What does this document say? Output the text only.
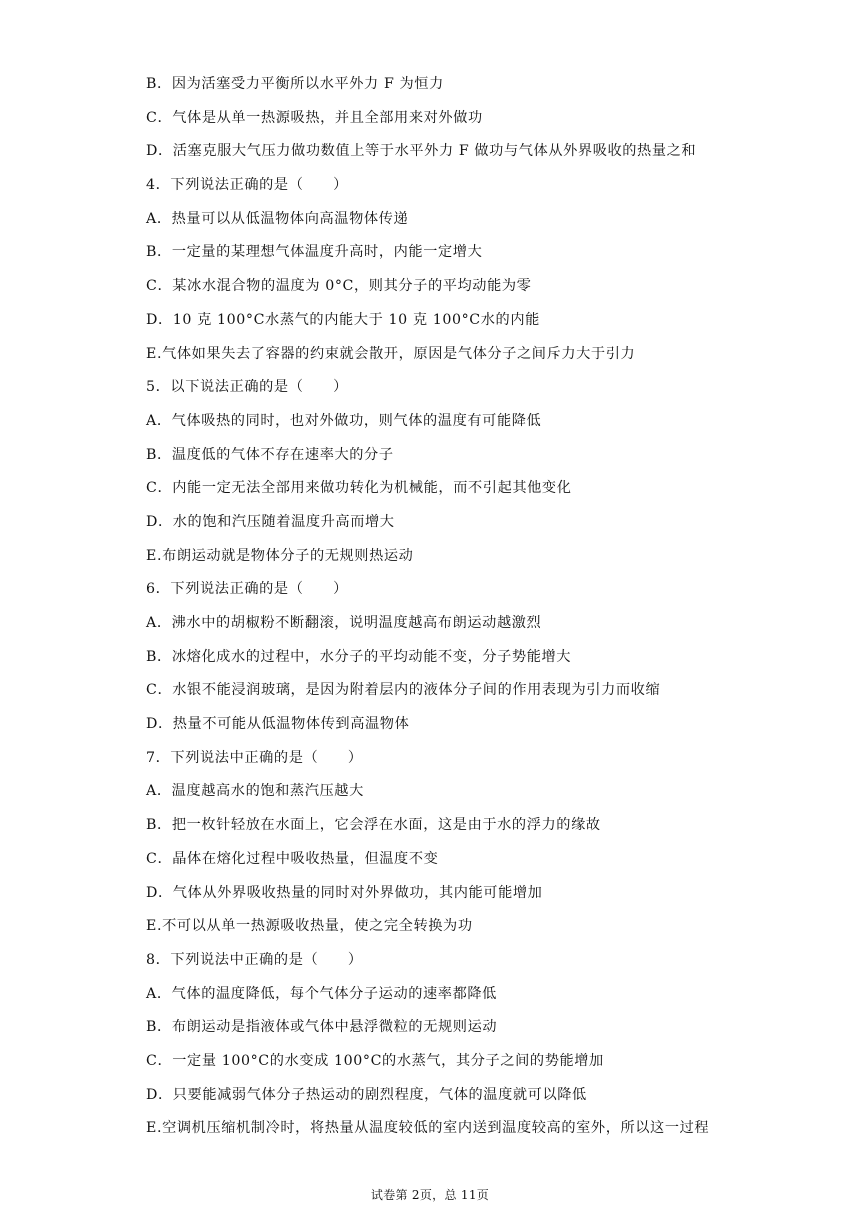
B．因为活塞受力平衡所以水平外力 F 为恒力
C．气体是从单一热源吸热，并且全部用来对外做功
D．活塞克服大气压力做功数值上等于水平外力 F 做功与气体从外界吸收的热量之和
4．下列说法正确的是（　　）
A．热量可以从低温物体向高温物体传递
B．一定量的某理想气体温度升高时，内能一定增大
C．某冰水混合物的温度为 0°C，则其分子的平均动能为零
D．10 克 100°C水蒸气的内能大于 10 克 100°C水的内能
E.气体如果失去了容器的约束就会散开，原因是气体分子之间斥力大于引力
5．以下说法正确的是（　　）
A．气体吸热的同时，也对外做功，则气体的温度有可能降低
B．温度低的气体不存在速率大的分子
C．内能一定无法全部用来做功转化为机械能，而不引起其他变化
D．水的饱和汽压随着温度升高而增大
E.布朗运动就是物体分子的无规则热运动
6．下列说法正确的是（　　）
A．沸水中的胡椒粉不断翻滚，说明温度越高布朗运动越激烈
B．冰熔化成水的过程中，水分子的平均动能不变，分子势能增大
C．水银不能浸润玻璃，是因为附着层内的液体分子间的作用表现为引力而收缩
D．热量不可能从低温物体传到高温物体
7．下列说法中正确的是（　　）
A．温度越高水的饱和蒸汽压越大
B．把一枚针轻放在水面上，它会浮在水面，这是由于水的浮力的缘故
C．晶体在熔化过程中吸收热量，但温度不变
D．气体从外界吸收热量的同时对外界做功，其内能可能增加
E.不可以从单一热源吸收热量，使之完全转换为功
8．下列说法中正确的是（　　）
A．气体的温度降低，每个气体分子运动的速率都降低
B．布朗运动是指液体或气体中悬浮微粒的无规则运动
C．一定量 100°C的水变成 100°C的水蒸气，其分子之间的势能增加
D．只要能减弱气体分子热运动的剧烈程度，气体的温度就可以降低
E.空调机压缩机制冷时，将热量从温度较低的室内送到温度较高的室外，所以这一过程
试卷第 2页，总 11页
